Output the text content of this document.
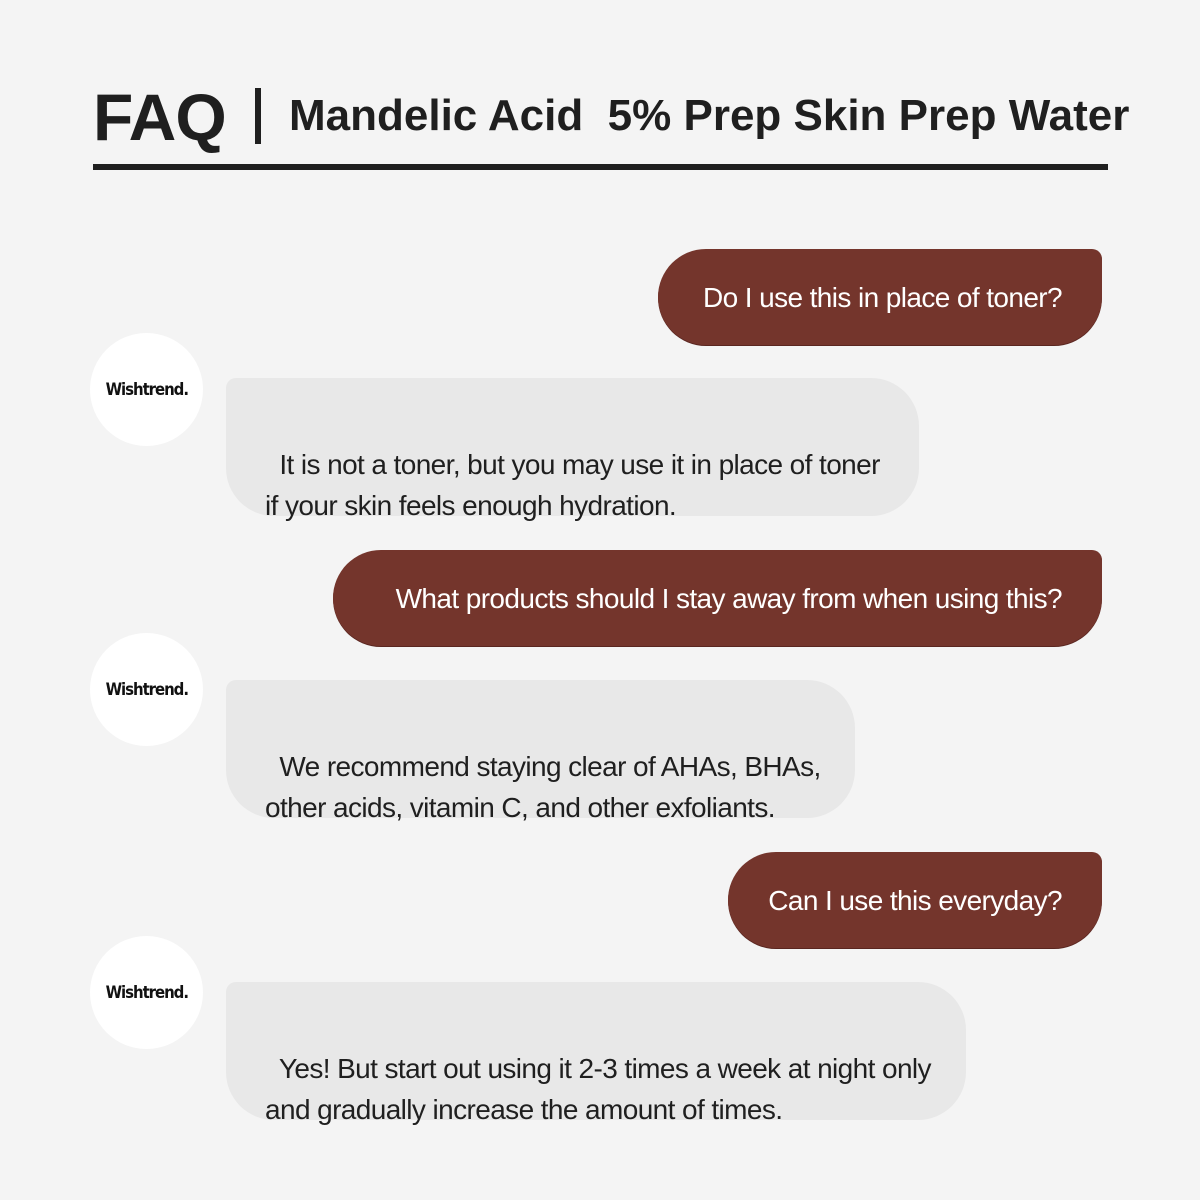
FAQ Mandelic Acid  5% Prep Skin Prep Water
Do I use this in place of toner?
Wishtrend.

It is not a toner, but you may use it in place of toner
if your skin feels enough hydration.

What products should I stay away from when using this?
Wishtrend.

We recommend staying clear of AHAs, BHAs,
other acids, vitamin C, and other exfoliants.

Can I use this everyday?
Wishtrend.

Yes! But start out using it 2-3 times a week at night only
and gradually increase the amount of times.
